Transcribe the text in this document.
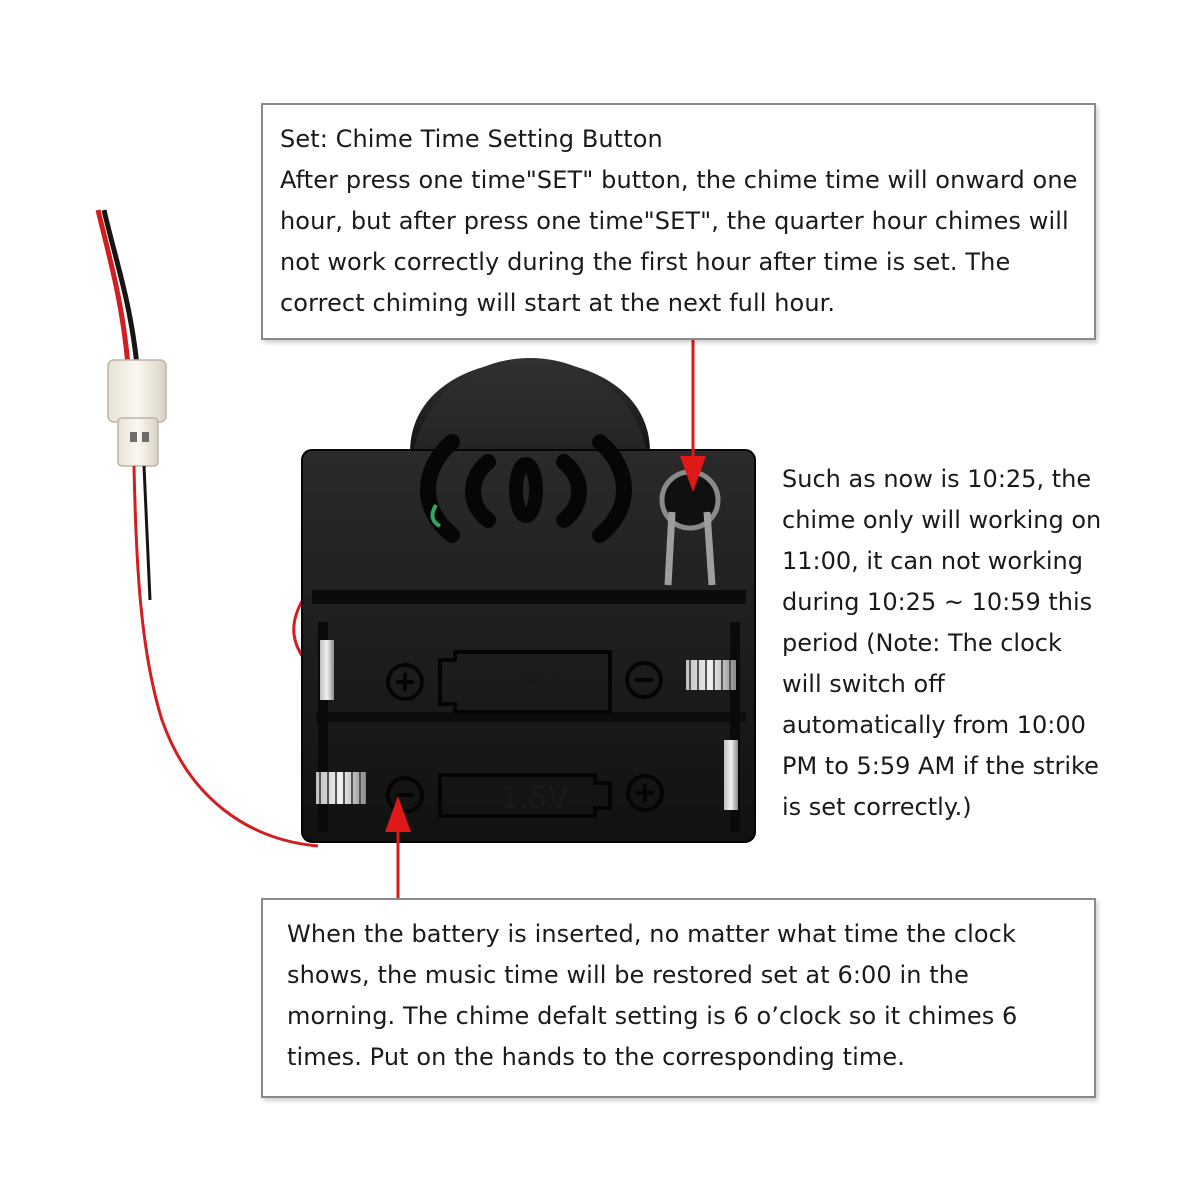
1.5V
1.5V

Set: Chime Time Setting Button

After press one time"SET" button, the chime time will onward one hour, but after press one time"SET", the quarter hour chimes will not work correctly during the first hour after time is set. The correct chiming will start at the next full hour.

Such as now is 10:25, the
chime only will working on
11:00, it can not working
during 10:25 ~ 10:59 this
period (Note: The clock
will switch off
automatically from 10:00
PM to 5:59 AM if the strike
is set correctly.)

When the battery is inserted, no matter what time the clock shows, the music time will be restored set at 6:00 in the morning. The chime defalt setting is 6 o’clock so it chimes 6 times. Put on the hands to the corresponding time.
